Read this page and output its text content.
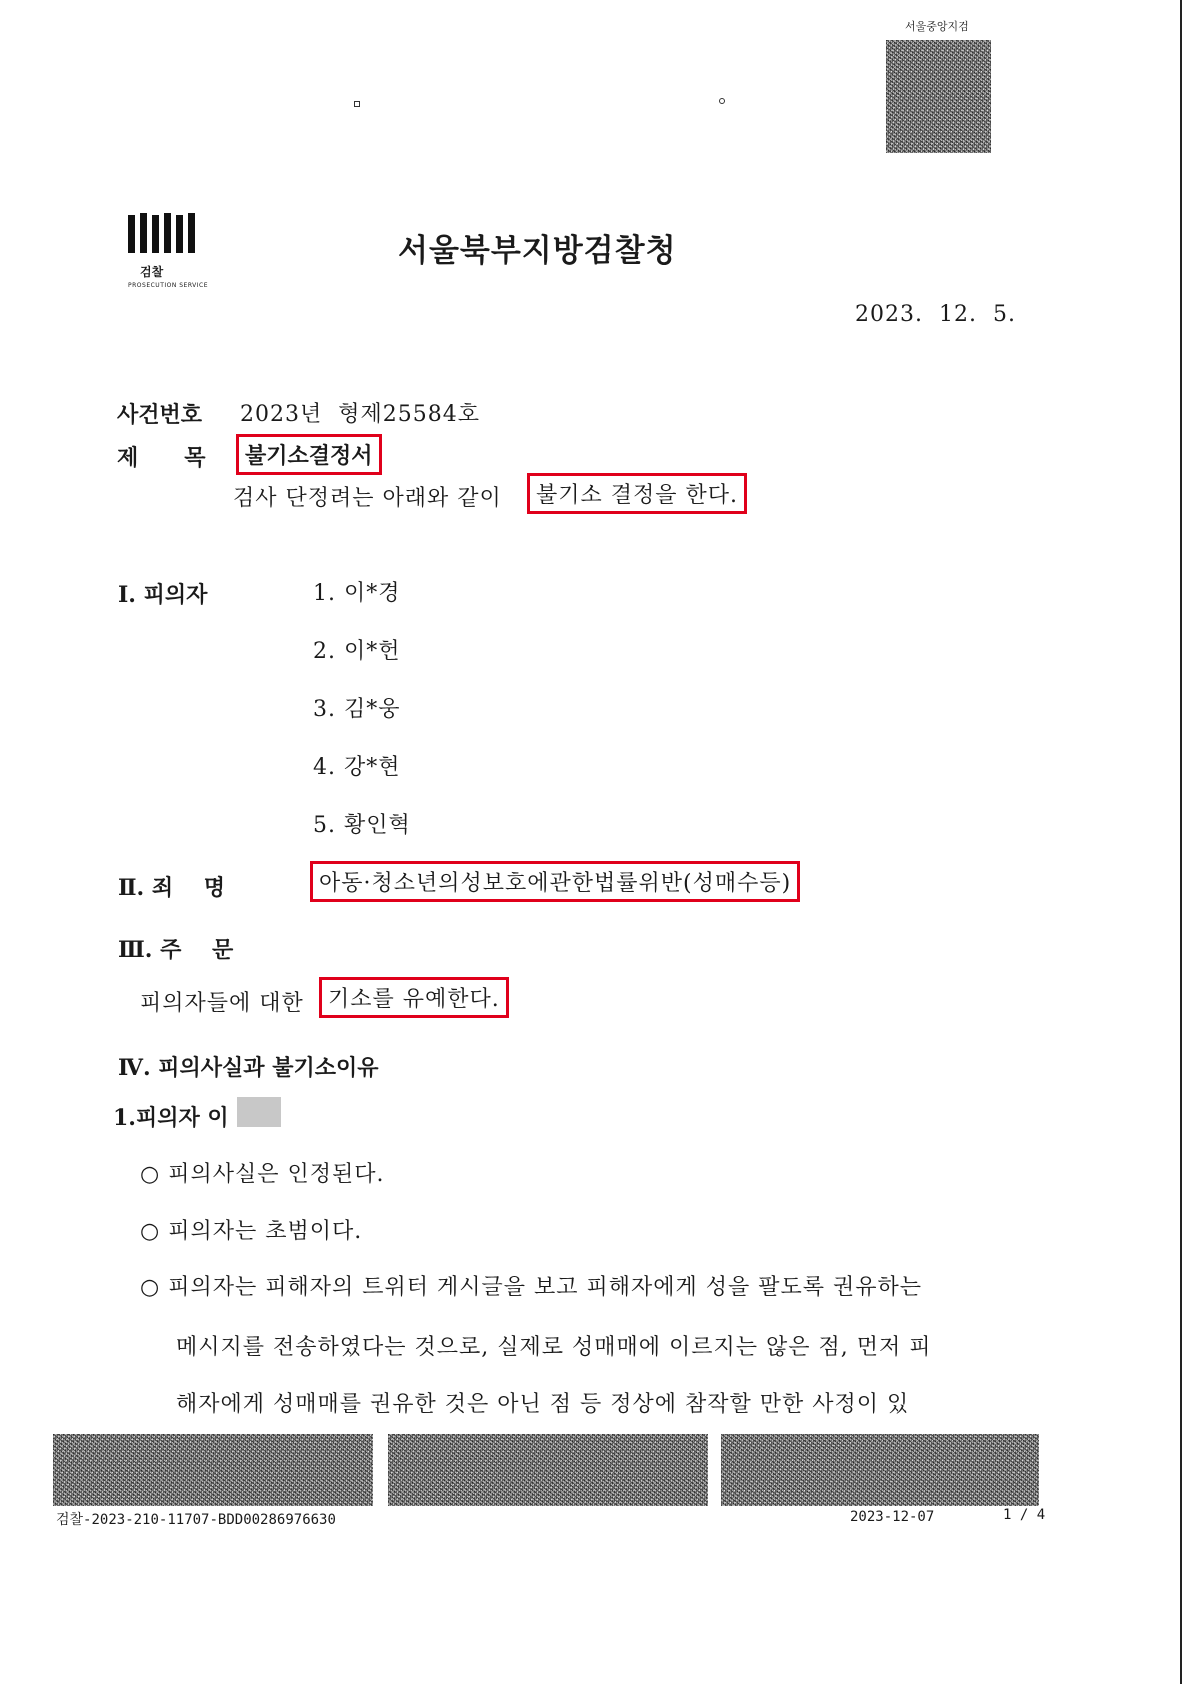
서울중앙지검
검찰
PROSECUTION SERVICE
서울북부지방검찰청
2023.  12.  5.
사건번호 2023년  형제25584호
제      목	불기소결정서
검사 단정려는 아래와 같이	불기소 결정을 한다.
Ⅰ. 피의자	1. 이*경
2. 이*헌
3. 김*웅
4. 강*현
5. 황인혁
Ⅱ. 죄    명	아동·청소년의성보호에관한법률위반(성매수등)
Ⅲ. 주    문
피의자들에 대한	기소를 유예한다.
Ⅳ. 피의사실과 불기소이유
1.피의자 이
○ 피의사실은 인정된다.
○ 피의자는 초범이다.
○ 피의자는 피해자의 트위터 게시글을 보고 피해자에게 성을 팔도록 권유하는
메시지를 전송하였다는 것으로, 실제로 성매매에 이르지는 않은 점, 먼저 피
해자에게 성매매를 권유한 것은 아닌 점 등 정상에 참작할 만한 사정이 있
검찰-2023-210-11707-BDD00286976630	2023-12-07	1 / 4
